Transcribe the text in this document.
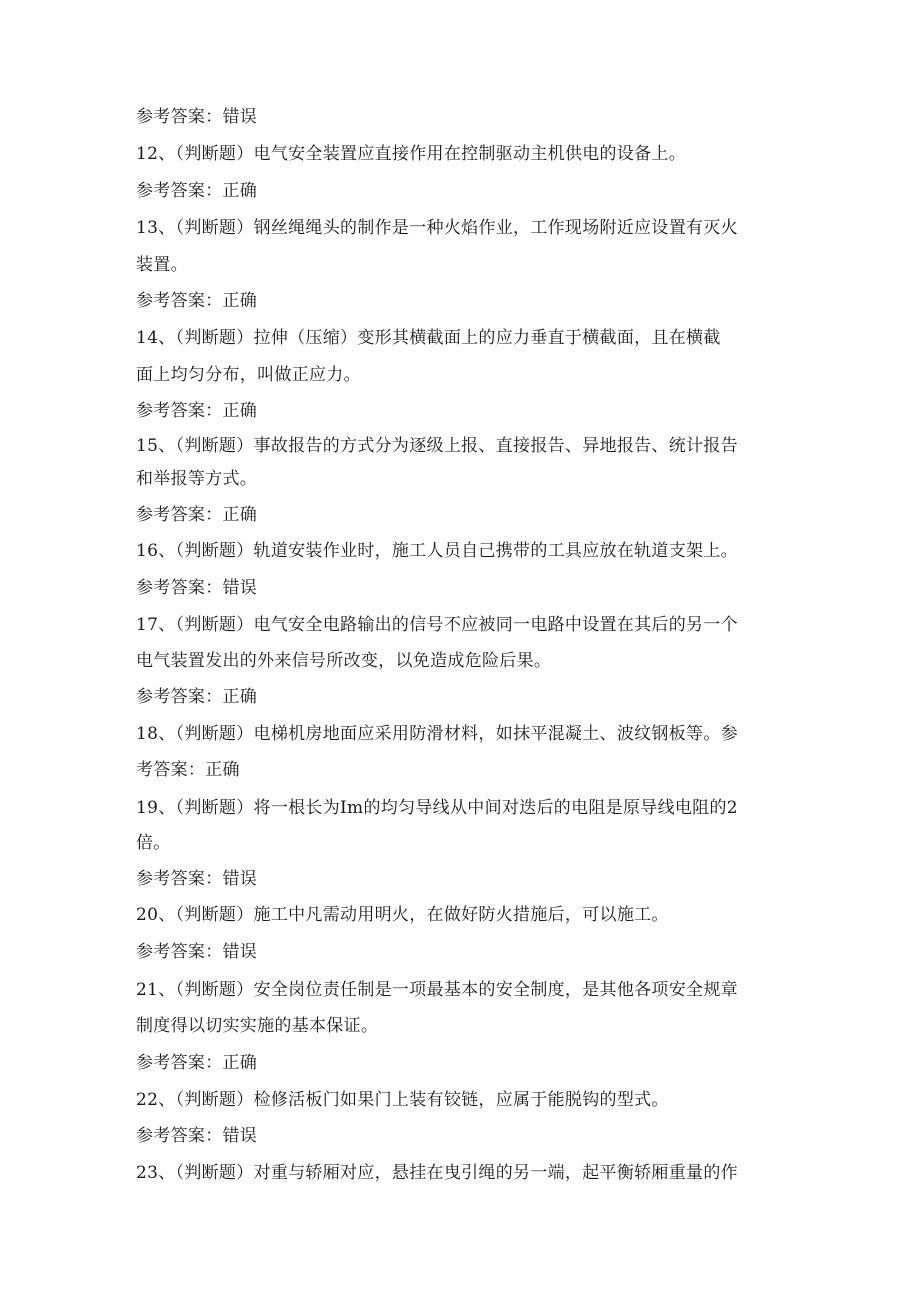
参考答案：错误
12、（判断题）电气安全装置应直接作用在控制驱动主机供电的设备上。
参考答案：正确
13、（判断题）钢丝绳绳头的制作是一种火焰作业，工作现场附近应设置有灭火
装置。
参考答案：正确
14、（判断题）拉伸（压缩）变形其横截面上的应力垂直于横截面，且在横截
面上均匀分布，叫做正应力。
参考答案：正确
15、（判断题）事故报告的方式分为逐级上报、直接报告、异地报告、统计报告
和举报等方式。
参考答案：正确
16、（判断题）轨道安装作业时，施工人员自己携带的工具应放在轨道支架上。
参考答案：错误
17、（判断题）电气安全电路输出的信号不应被同一电路中设置在其后的另一个
电气装置发出的外来信号所改变，以免造成危险后果。
参考答案：正确
18、（判断题）电梯机房地面应采用防滑材料，如抹平混凝土、波纹钢板等。参
考答案：正确
19、（判断题）将一根长为Im的均匀导线从中间对迭后的电阻是原导线电阻的2
倍。
参考答案：错误
20、（判断题）施工中凡需动用明火，在做好防火措施后，可以施工。
参考答案：错误
21、（判断题）安全岗位责任制是一项最基本的安全制度，是其他各项安全规章
制度得以切实实施的基本保证。
参考答案：正确
22、（判断题）检修活板门如果门上装有铰链，应属于能脱钩的型式。
参考答案：错误
23、（判断题）对重与轿厢对应，悬挂在曳引绳的另一端，起平衡轿厢重量的作
